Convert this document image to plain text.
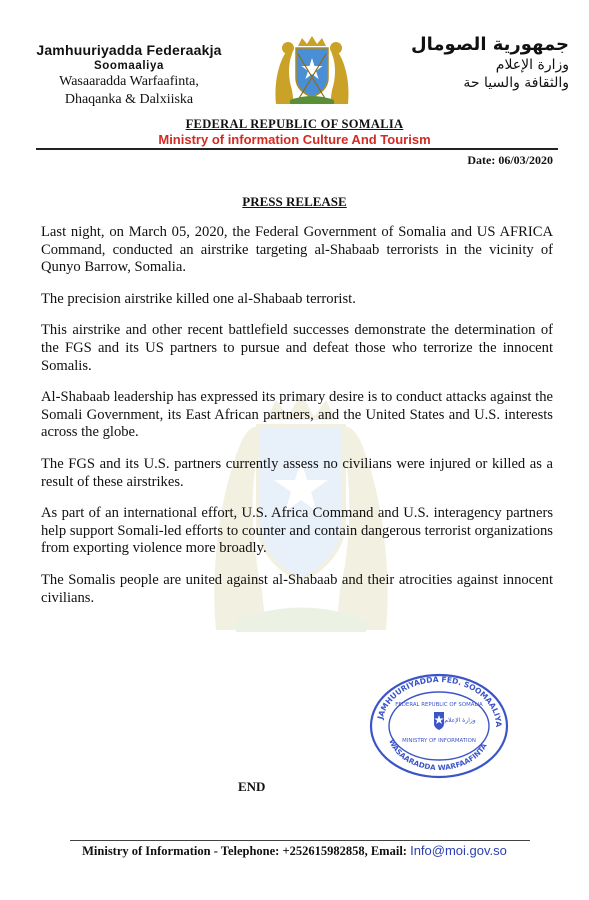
Jamhuuriyadda Federaakja
Soomaaliya
Wasaaradda Warfaafinta,
Dhaqanka & Dalxiiska
جمهورية الصومال
وزارة الإعلام
والثقافة والسيا حة
FEDERAL REPUBLIC OF SOMALIA
Ministry of information Culture And Tourism
Date: 06/03/2020
PRESS RELEASE

Last night, on March 05, 2020, the Federal Government of Somalia and US AFRICA Command, conducted an airstrike targeting al-Shabaab terrorists in the vicinity of Qunyo Barrow, Somalia.

The precision airstrike killed one al-Shabaab terrorist.

This airstrike and other recent battlefield successes demonstrate the determination of the FGS and its US partners to pursue and defeat those who terrorize the innocent Somalis.

Al-Shabaab leadership has expressed its primary desire is to conduct attacks against the Somali Government, its East African partners, and the United States and U.S. interests across the globe.

The FGS and its U.S. partners currently assess no civilians were injured or killed as a result of these airstrikes.

As part of an international effort, U.S. Africa Command and U.S. interagency partners help support Somali-led efforts to counter and contain dangerous terrorist organizations from exporting violence more broadly.

The Somalis people are united against al-Shabaab and their atrocities against innocent civilians.

JAMHUURIYADDA FED. SOOMAALIYA
WASAARADDA WARFAAFINTA
FEDERAL REPUBLIC OF SOMALIA
وزارة الإعلام
MINISTRY OF INFORMATION
END
Ministry of Information - Telephone: +252615982858, Email: Info@moi.gov.so
